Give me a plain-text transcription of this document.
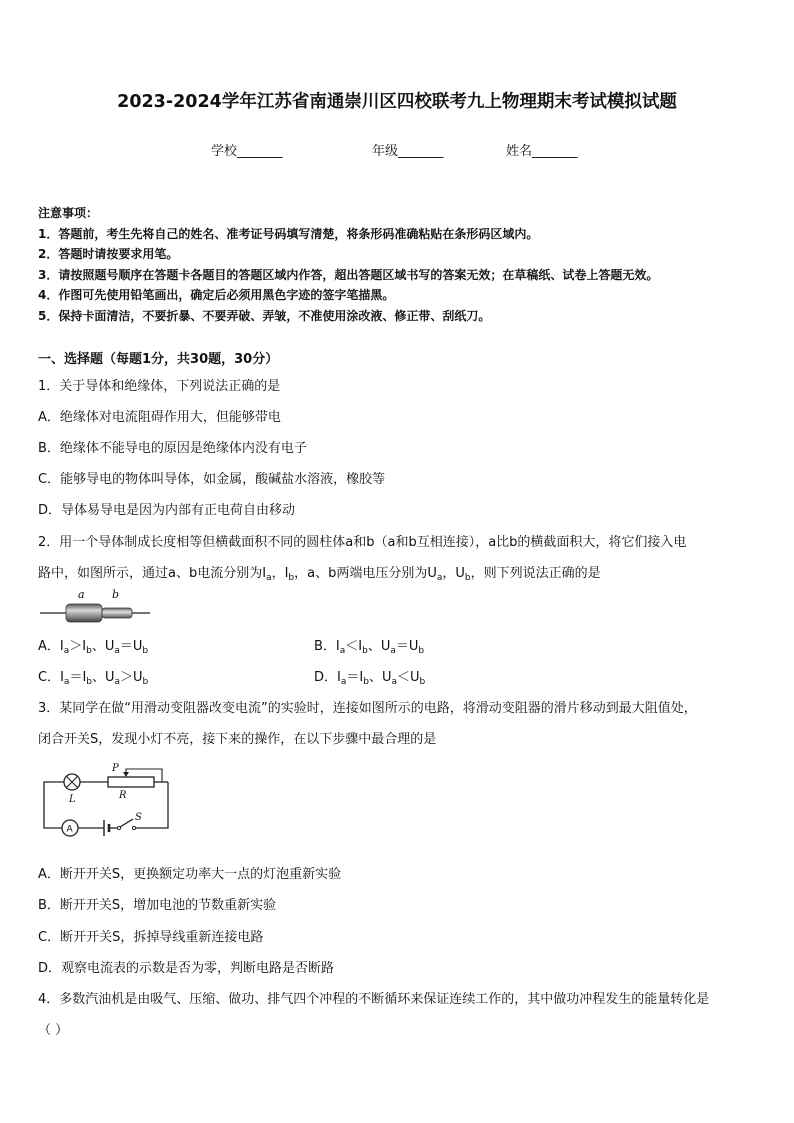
2023-2024学年江苏省南通崇川区四校联考九上物理期末考试模拟试题
学校_______	年级_______	姓名_______
注意事项：
1．答题前，考生先将自己的姓名、准考证号码填写清楚，将条形码准确粘贴在条形码区域内。
2．答题时请按要求用笔。
3．请按照题号顺序在答题卡各题目的答题区域内作答，超出答题区域书写的答案无效；在草稿纸、试卷上答题无效。
4．作图可先使用铅笔画出，确定后必须用黑色字迹的签字笔描黑。
5．保持卡面清洁，不要折暴、不要弄破、弄皱，不准使用涂改液、修正带、刮纸刀。
一、选择题（每题1分，共30题，30分）
1．关于导体和绝缘体，下列说法正确的是
A．绝缘体对电流阻碍作用大，但能够带电
B．绝缘体不能导电的原因是绝缘体内没有电子
C．能够导电的物体叫导体，如金属，酸碱盐水溶液，橡胶等
D．导体易导电是因为内部有正电荷自由移动
2．用一个导体制成长度相等但横截面积不同的圆柱体a和b（a和b互相连接），a比b的横截面积大，将它们接入电
路中，如图所示，通过a、b电流分别为$I_a$，$I_b$，a、b两端电压分别为$U_a$，$U_b$，则下列说法正确的是
a b
A．$I_a>I_b$、$U_a=U_b$	B．$I_a<I_b$、$U_a=U_b$
C．$I_a=I_b$、$U_a>U_b$	D．$I_a=I_b$、$U_a<U_b$
3．某同学在做“用滑动变阻器改变电流”的实验时，连接如图所示的电路，将滑动变阻器的滑片移动到最大阻值处，
闭合开关S，发现小灯不亮，接下来的操作，在以下步骤中最合理的是
P
R
L
S
A
A．断开开关S，更换额定功率大一点的灯泡重新实验
B．断开开关S，增加电池的节数重新实验
C．断开开关S，拆掉导线重新连接电路
D．观察电流表的示数是否为零，判断电路是否断路
4．多数汽油机是由吸气、压缩、做功、排气四个冲程的不断循环来保证连续工作的，其中做功冲程发生的能量转化是
（ ）
